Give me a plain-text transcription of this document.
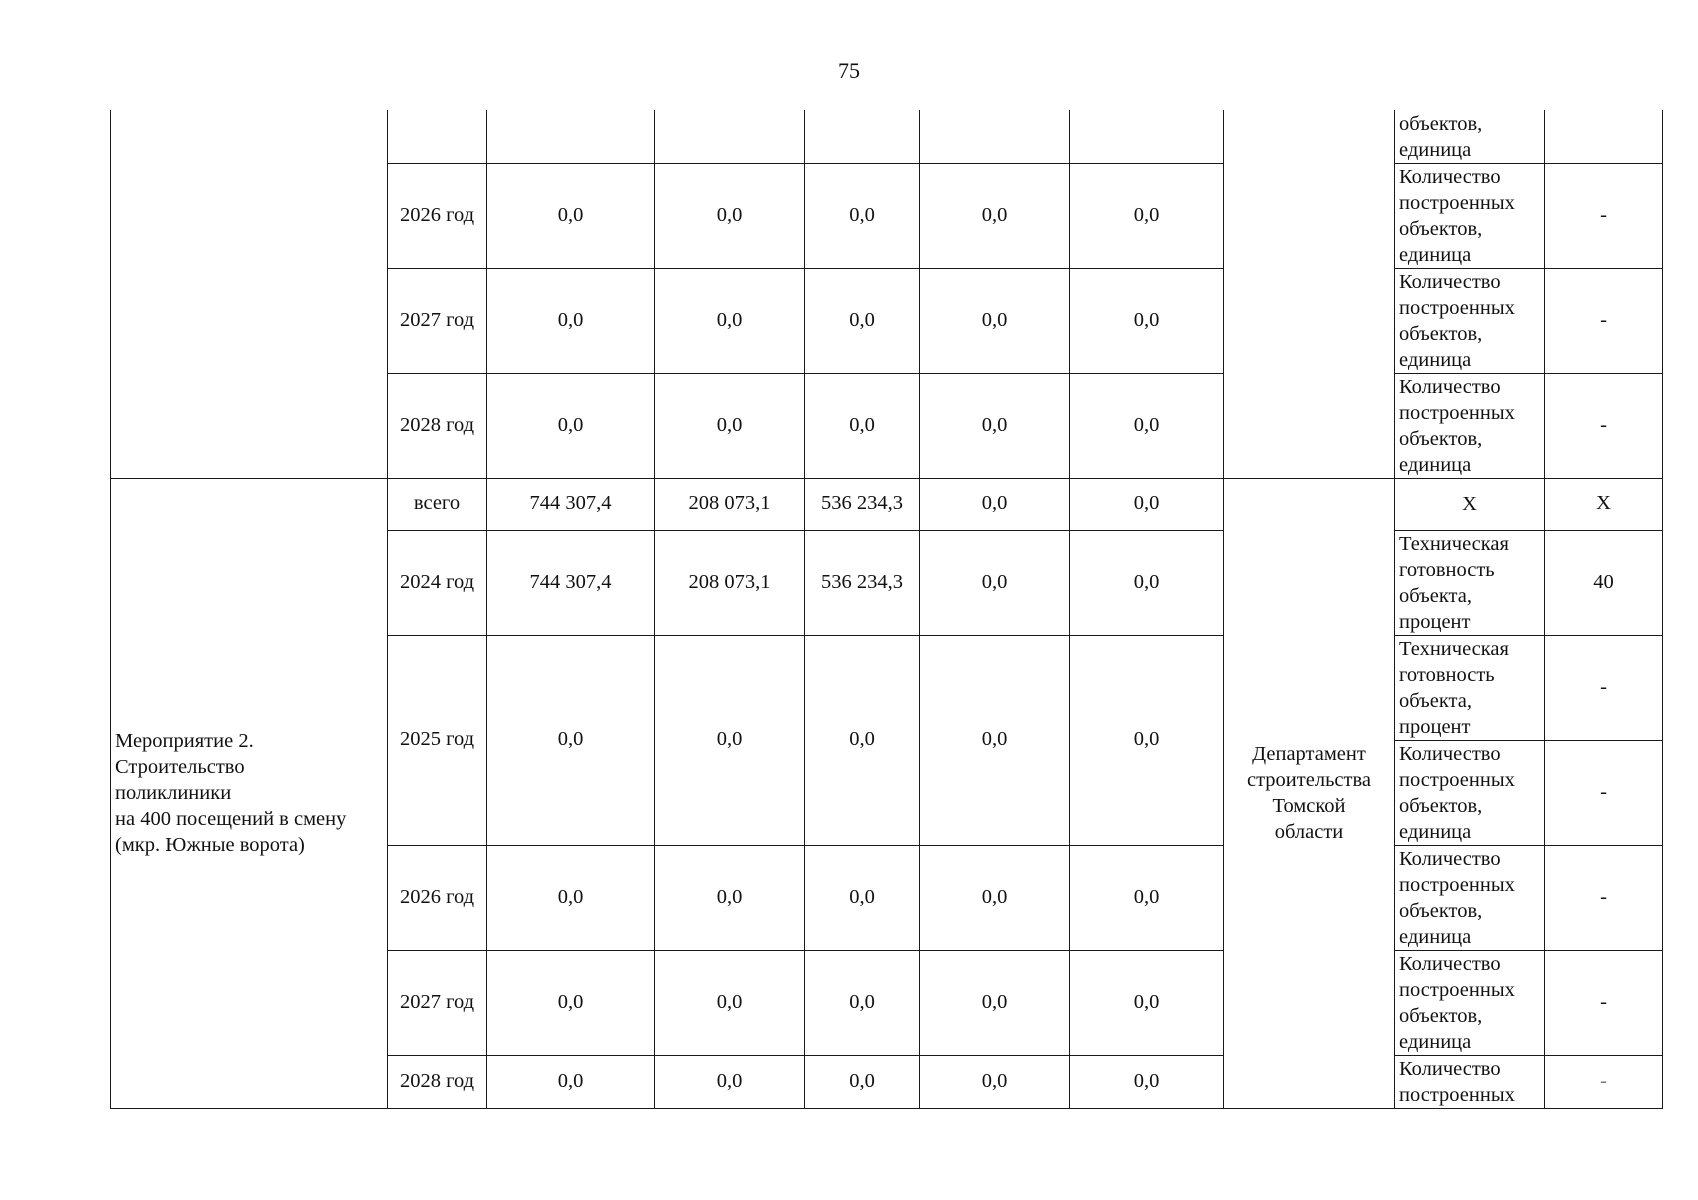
75

								объектов,
единица	

	2026 год	0,0	0,0	0,0	0,0	0,0		Количество
построенных
объектов,
единица	-
	2027 год	0,0	0,0	0,0	0,0	0,0		Количество
построенных
объектов,
единица	-
	2028 год	0,0	0,0	0,0	0,0	0,0		Количество
построенных
объектов,
единица	-
Мероприятие 2.
Строительство
поликлиники
на 400 посещений в смену
(мкр. Южные ворота)	всего	744 307,4	208 073,1	536 234,3	0,0	0,0	Департамент
строительства
Томской
области	X	X
	2024 год	744 307,4	208 073,1	536 234,3	0,0	0,0		Техническая
готовность
объекта,
процент	40
	2025 год	0,0	0,0	0,0	0,0	0,0		Техническая
готовность
объекта,
процент	-

								Количество
построенных
объектов,
единица	-
	2026 год	0,0	0,0	0,0	0,0	0,0		Количество
построенных
объектов,
единица	-
	2027 год	0,0	0,0	0,0	0,0	0,0		Количество
построенных
объектов,
единица	-
	2028 год	0,0	0,0	0,0	0,0	0,0		Количество
построенных	-
